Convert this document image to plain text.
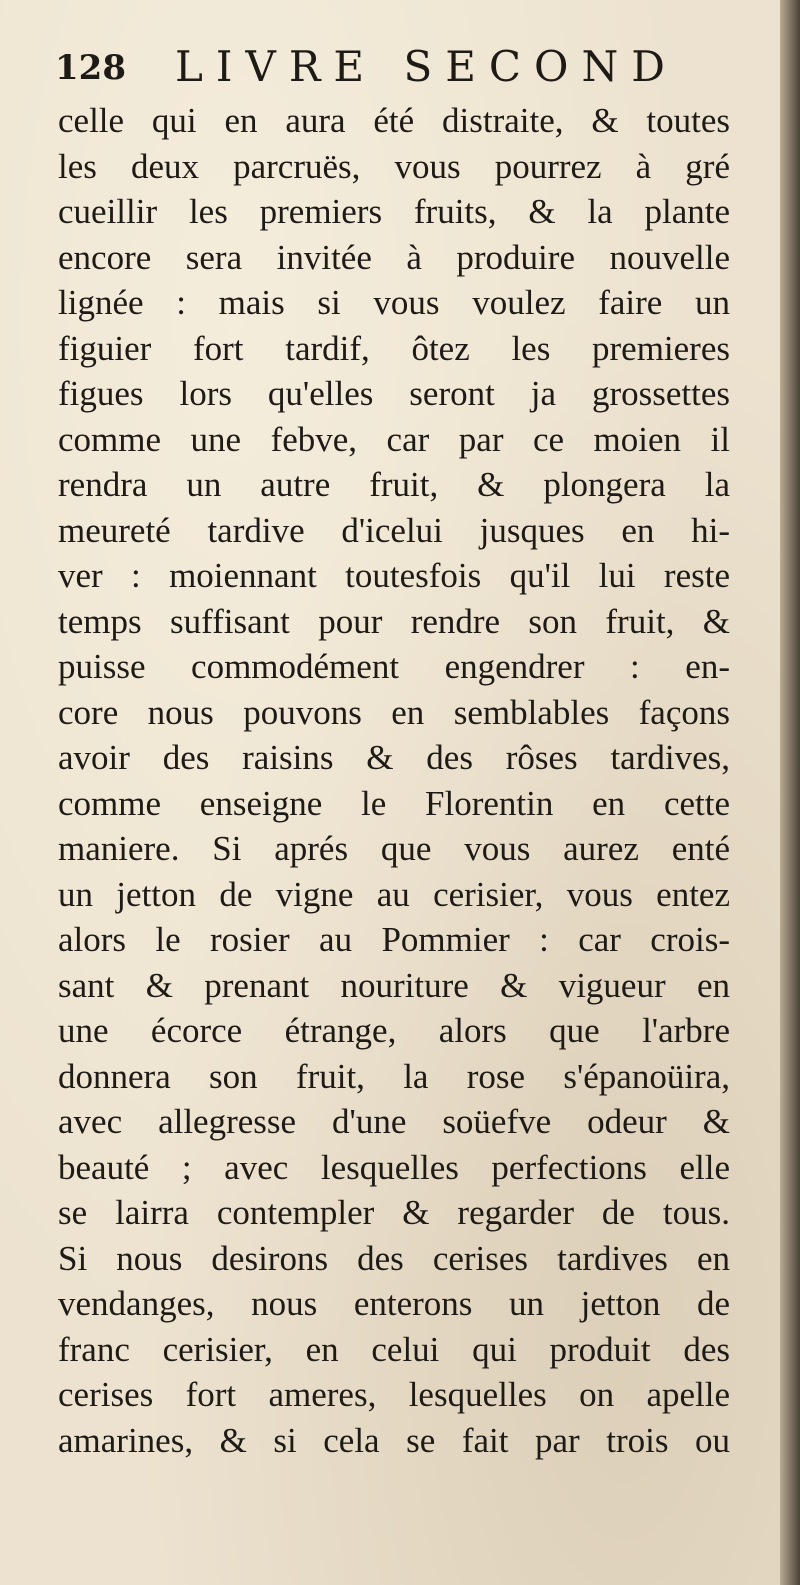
128 LIVRE SECOND
celle qui en aura été distraite, & toutes
les deux parcruës, vous pourrez à gré
cueillir les premiers fruits, & la plante
encore sera invitée à produire nouvelle
lignée : mais si vous voulez faire un
figuier fort tardif, ôtez les premieres
figues lors qu'elles seront ja grossettes
comme une febve, car par ce moien il
rendra un autre fruit, & plongera la
meureté tardive d'icelui jusques en hi-
ver : moiennant toutesfois qu'il lui reste
temps suffisant pour rendre son fruit, &
puisse commodément engendrer : en-
core nous pouvons en semblables façons
avoir des raisins & des rôses tardives,
comme enseigne le Florentin en cette
maniere. Si aprés que vous aurez enté
un jetton de vigne au cerisier, vous entez
alors le rosier au Pommier : car crois-
sant & prenant nouriture & vigueur en
une écorce étrange, alors que l'arbre
donnera son fruit, la rose s'épanoüira,
avec allegresse d'une soüefve odeur &
beauté ; avec lesquelles perfections elle
se lairra contempler & regarder de tous.
Si nous desirons des cerises tardives en
vendanges, nous enterons un jetton de
franc cerisier, en celui qui produit des
cerises fort ameres, lesquelles on apelle
amarines, & si cela se fait par trois ou
